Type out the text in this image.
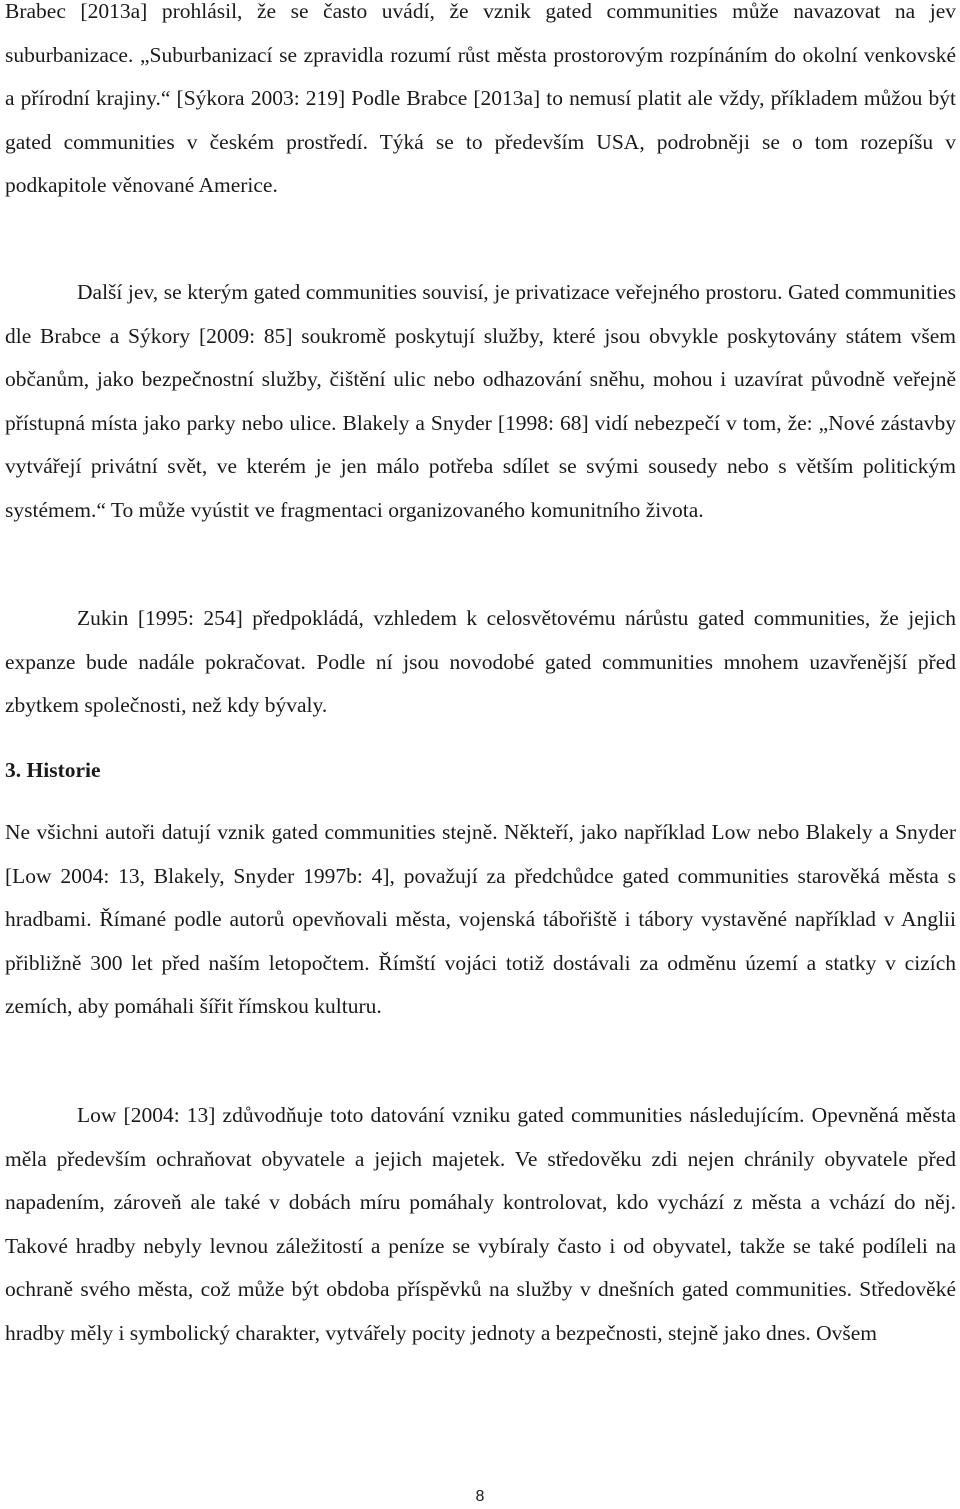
Brabec [2013a] prohlásil, že se často uvádí, že vznik gated communities může navazovat na jev suburbanizace. „Suburbanizací se zpravidla rozumí růst města prostorovým rozpínáním do okolní venkovské a přírodní krajiny.“ [Sýkora 2003: 219] Podle Brabce [2013a] to nemusí platit ale vždy, příkladem můžou být gated communities v českém prostředí. Týká se to především USA, podrobněji se o tom rozepíšu v podkapitole věnované Americe.

Další jev, se kterým gated communities souvisí, je privatizace veřejného prostoru. Gated communities dle Brabce a Sýkory [2009: 85] soukromě poskytují služby, které jsou obvykle poskytovány státem všem občanům, jako bezpečnostní služby, čištění ulic nebo odhazování sněhu, mohou i uzavírat původně veřejně přístupná místa jako parky nebo ulice. Blakely a Snyder [1998: 68] vidí nebezpečí v tom, že: „Nové zástavby vytvářejí privátní svět, ve kterém je jen málo potřeba sdílet se svými sousedy nebo s větším politickým systémem.“ To může vyústit ve fragmentaci organizovaného komunitního života.

Zukin [1995: 254] předpokládá, vzhledem k celosvětovému nárůstu gated communities, že jejich expanze bude nadále pokračovat. Podle ní jsou novodobé gated communities mnohem uzavřenější před zbytkem společnosti, než kdy bývaly.

3. Historie

Ne všichni autoři datují vznik gated communities stejně. Někteří, jako například Low nebo Blakely a Snyder [Low 2004: 13, Blakely, Snyder 1997b: 4], považují za předchůdce gated communities starověká města s hradbami. Římané podle autorů opevňovali města, vojenská tábořiště i tábory vystavěné například v Anglii přibližně 300 let před naším letopočtem. Římští vojáci totiž dostávali za odměnu území a statky v cizích zemích, aby pomáhali šířit římskou kulturu.

Low [2004: 13] zdůvodňuje toto datování vzniku gated communities následujícím. Opevněná města měla především ochraňovat obyvatele a jejich majetek. Ve středověku zdi nejen chránily obyvatele před napadením, zároveň ale také v dobách míru pomáhaly kontrolovat, kdo vychází z města a vchází do něj. Takové hradby nebyly levnou záležitostí a peníze se vybíraly často i od obyvatel, takže se také podíleli na ochraně svého města, což může být obdoba příspěvků na služby v dnešních gated communities. Středověké hradby měly i symbolický charakter, vytvářely pocity jednoty a bezpečnosti, stejně jako dnes. Ovšem

8
